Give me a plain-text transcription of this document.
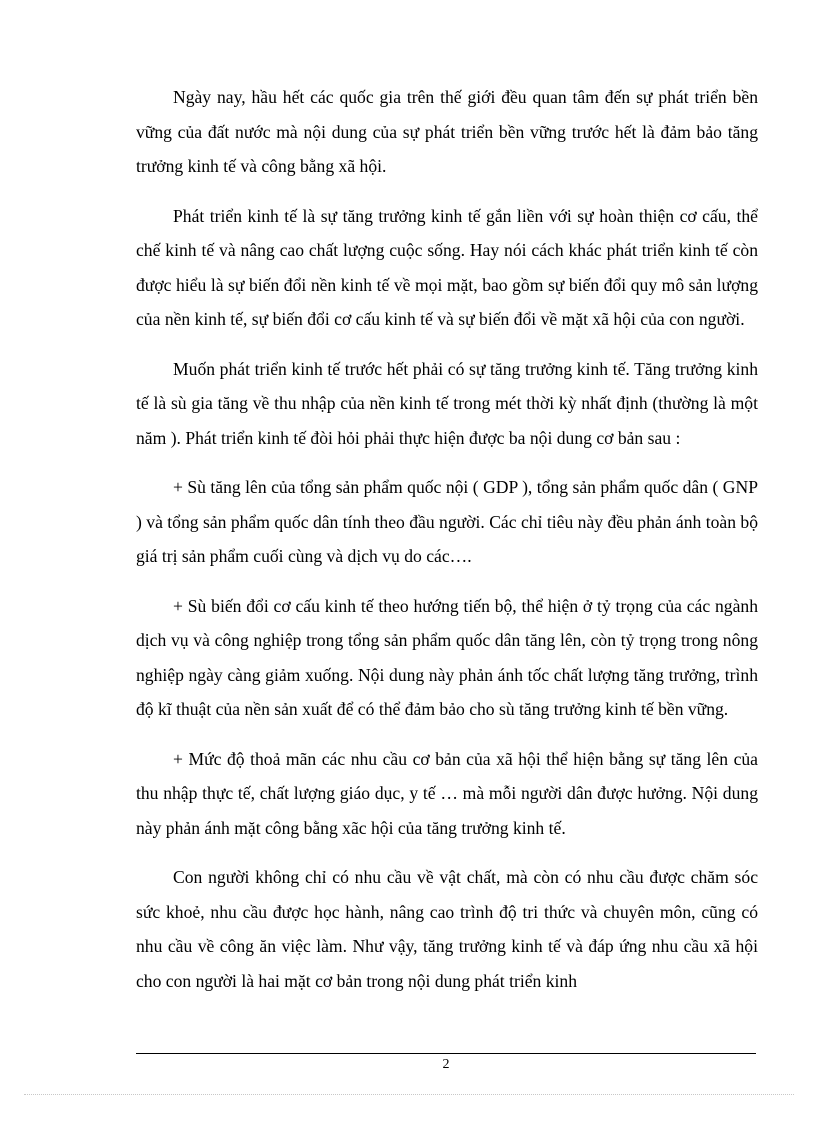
Ngày nay, hầu hết các quốc gia trên thế giới đều quan tâm đến sự phát triển bền vững của đất nước mà nội dung của sự phát triển bền vững trước hết là đảm bảo tăng trưởng kinh tế và công bằng xã hội.

Phát triển kinh tế là sự tăng trưởng kinh tế gắn liền với sự hoàn thiện cơ cấu, thể chế kinh tế và nâng cao chất lượng cuộc sống. Hay nói cách khác phát triển kinh tế còn được hiểu là sự biến đổi nền kinh tế về mọi mặt, bao gồm sự biến đổi quy mô sản lượng của nền kinh tế, sự biến đổi cơ cấu kinh tế và sự biến đổi về mặt xã hội của con người.

Muốn phát triển kinh tế trước hết phải có sự tăng trưởng kinh tế. Tăng trưởng kinh tế là sù gia tăng về thu nhập của nền kinh tế trong mét thời kỳ nhất định (thường là một năm ). Phát triển kinh tế đòi hỏi phải thực hiện được ba nội dung cơ bản sau :

+ Sù tăng lên của tổng sản phẩm quốc nội ( GDP ), tổng sản phẩm quốc dân ( GNP ) và tổng sản phẩm quốc dân tính theo đầu người. Các chỉ tiêu này đều phản ánh toàn bộ giá trị sản phẩm cuối cùng và dịch vụ do các….

+ Sù biến đổi cơ cấu kinh tế theo hướng tiến bộ, thể hiện ở tỷ trọng của các ngành dịch vụ và công nghiệp trong tổng sản phẩm quốc dân tăng lên, còn tỷ trọng trong nông nghiệp ngày càng giảm xuống. Nội dung này phản ánh tốc chất lượng tăng trưởng, trình độ kĩ thuật của nền sản xuất để có thể đảm bảo cho sù tăng trưởng kinh tế bền vững.

+ Mức độ thoả mãn các nhu cầu cơ bản của xã hội thể hiện bằng sự tăng lên của thu nhập thực tế, chất lượng giáo dục, y tế … mà mỗi người dân được hưởng. Nội dung này phản ánh mặt công bằng xãc hội của tăng trưởng kinh tế.

Con người không chỉ có nhu cầu về vật chất, mà còn có nhu cầu được chăm sóc sức khoẻ, nhu cầu được học hành, nâng cao trình độ tri thức và chuyên môn, cũng có nhu cầu về công ăn việc làm. Như vậy, tăng trưởng kinh tế và đáp ứng nhu cầu xã hội cho con người là hai mặt cơ bản trong nội dung phát triển kinh

2
